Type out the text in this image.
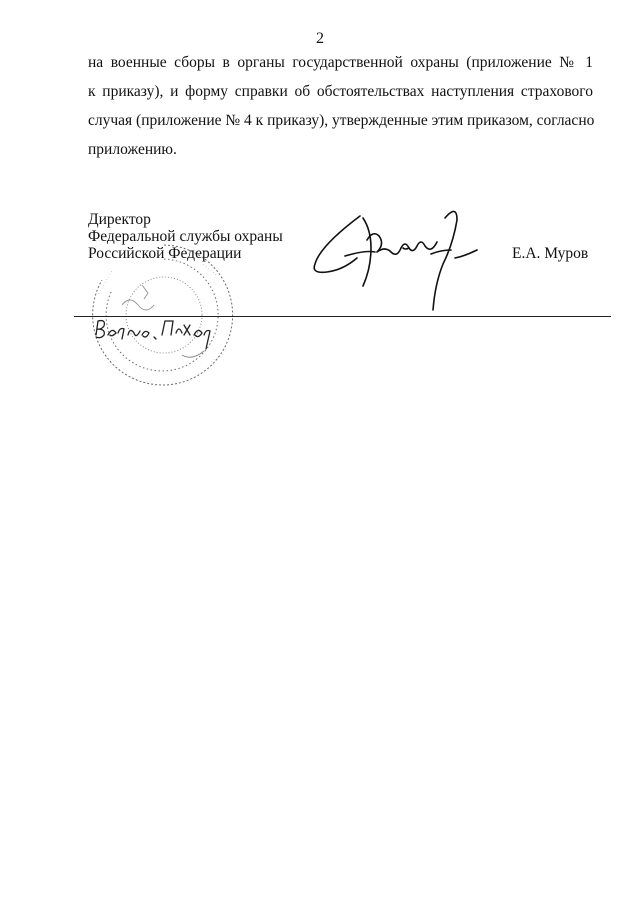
2
на военные сборы в органы государственной охраны (приложение № 1
к приказу), и форму справки об обстоятельствах наступления страхового
случая (приложение № 4 к приказу), утвержденные этим приказом, согласно
приложению.
· · · · · · · · ·	· · · · · ·
· · · · ·
Директор
Федеральной службы охраны
Российской Федерации	Е.А. Муров
